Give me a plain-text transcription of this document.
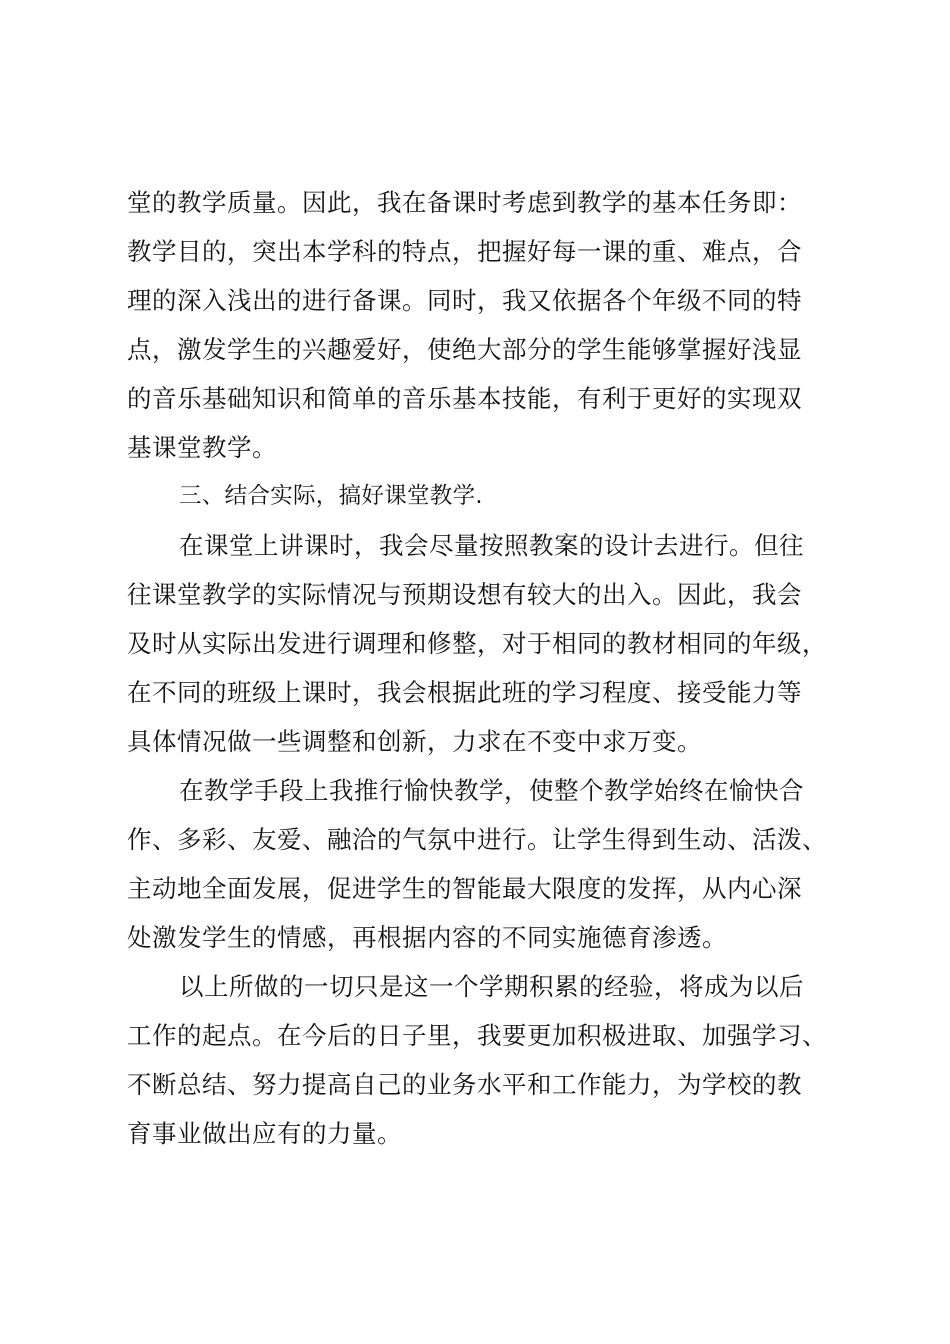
堂的教学质量。因此，我在备课时考虑到教学的基本任务即：
教学目的，突出本学科的特点，把握好每一课的重、难点，合
理的深入浅出的进行备课。同时，我又依据各个年级不同的特
点，激发学生的兴趣爱好，使绝大部分的学生能够掌握好浅显
的音乐基础知识和简单的音乐基本技能，有利于更好的实现双
基课堂教学。
三、结合实际，搞好课堂教学.
在课堂上讲课时，我会尽量按照教案的设计去进行。但往
往课堂教学的实际情况与预期设想有较大的出入。因此，我会
及时从实际出发进行调理和修整，对于相同的教材相同的年级，
在不同的班级上课时，我会根据此班的学习程度、接受能力等
具体情况做一些调整和创新，力求在不变中求万变。
在教学手段上我推行愉快教学，使整个教学始终在愉快合
作、多彩、友爱、融洽的气氛中进行。让学生得到生动、活泼、
主动地全面发展，促进学生的智能最大限度的发挥，从内心深
处激发学生的情感，再根据内容的不同实施德育渗透。
以上所做的一切只是这一个学期积累的经验，将成为以后
工作的起点。在今后的日子里，我要更加积极进取、加强学习、
不断总结、努力提高自己的业务水平和工作能力，为学校的教
育事业做出应有的力量。
